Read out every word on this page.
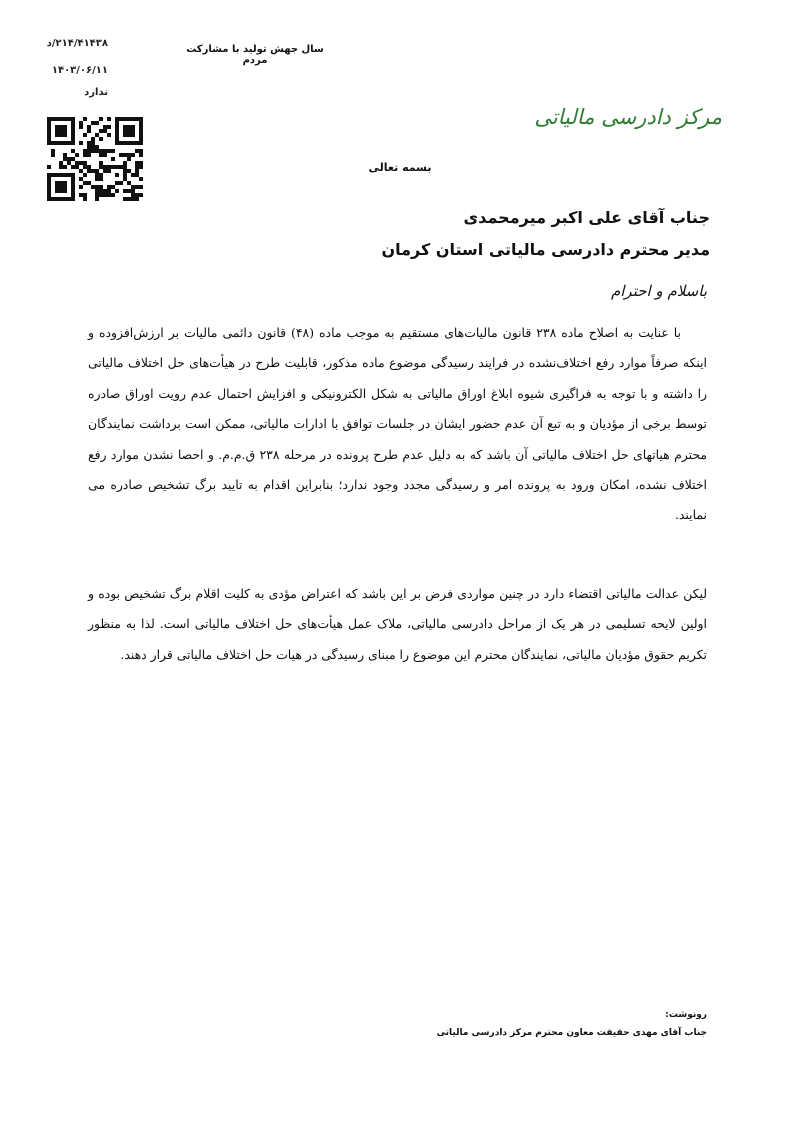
۲۱۴/۴۱۴۳۸/د
۱۴۰۳/۰۶/۱۱
ندارد
سال جهش تولید با مشارکت مردم
مرکز دادرسی مالیاتی
بسمه تعالی
جناب آقای علی اکبر میرمحمدی
مدیر محترم دادرسی مالیاتی استان کرمان
باسلام و احترام
با عنایت به اصلاح ماده ۲۳۸ قانون مالیات‌های مستقیم به موجب ماده (۴۸) قانون دائمی مالیات بر ارزش‌افزوده و اینکه صرفاً موارد رفع اختلاف‌نشده در فرایند رسیدگی موضوع ماده مذکور، قابلیت طرح در هیأت‌های حل اختلاف مالیاتی را داشته و با توجه به فراگیری شیوه ابلاغ اوراق مالیاتی به شکل الکترونیکی و افزایش احتمال عدم رویت اوراق صادره توسط برخی از مؤدیان و به تبع آن عدم حضور ایشان در جلسات توافق با ادارات مالیاتی، ممکن است برداشت نمایندگان محترم هیاتهای حل اختلاف مالیاتی آن باشد که به دلیل عدم طرح پرونده در مرحله ۲۳۸ ق.م.م. و احصا نشدن موارد رفع اختلاف نشده، امکان ورود به پرونده امر و رسیدگی مجدد وجود ندارد؛ بنابراین اقدام به تایید برگ تشخیص صادره می نمایند.
لیکن عدالت مالیاتی اقتضاء دارد در چنین مواردی فرض بر این باشد که اعتراض مؤدی به کلیت اقلام برگ تشخیص بوده و اولین لایحه تسلیمی در هر یک از مراحل دادرسی مالیاتی، ملاک عمل هیأت‌های حل اختلاف مالیاتی است. لذا به منظور تکریم حقوق مؤدیان مالیاتی، نمایندگان محترم این موضوع را مبنای رسیدگی در هیات حل اختلاف مالیاتی قرار دهند.
رونوشت:
جناب آقای مهدی حقیقت معاون محترم مرکز دادرسی مالیاتی
